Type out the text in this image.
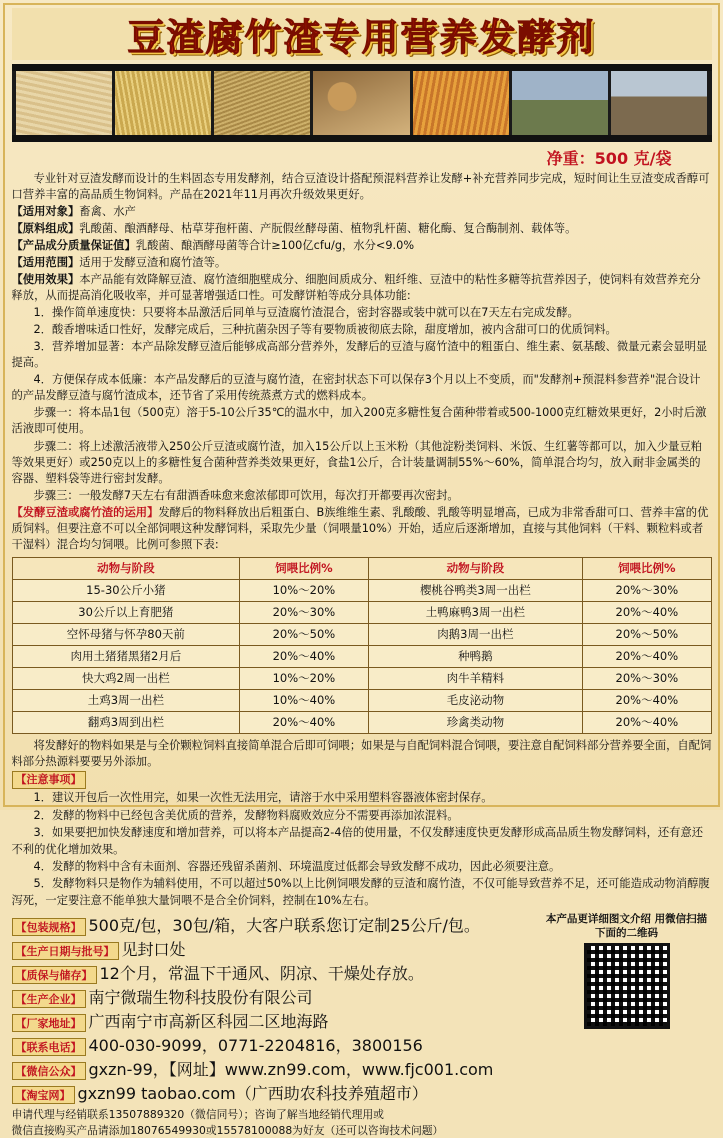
豆渣腐竹渣专用营养发酵剂
净重：500 克/袋
专业针对豆渣发酵而设计的生料固态专用发酵剂，结合豆渣设计搭配预混料营养让发酵+补充营养同步完成，短时间让生豆渣变成香醇可口营养丰富的高品质生物饲料。产品在2021年11月再次升级效果更好。
【适用对象】畜禽、水产
【原料组成】乳酸菌、酿酒酵母、枯草芽孢杆菌、产朊假丝酵母菌、植物乳杆菌、糖化酶、复合酶制剂、载体等。
【产品成分质量保证值】乳酸菌、酿酒酵母菌等合计≥100亿cfu/g，水分<9.0%
【适用范围】适用于发酵豆渣和腐竹渣等。
【使用效果】本产品能有效降解豆渣、腐竹渣细胞壁成分、细胞间质成分、粗纤维、豆渣中的粘性多糖等抗营养因子，使饲料有效营养充分释放，从而提高消化吸收率，并可显著增强适口性。可发酵饼粕等成分具体功能:
1．操作简单速度快：只要将本品激活后同单与豆渣腐竹渣混合，密封容器或装中就可以在7天左右完成发酵。
2．酸香增味适口性好，发酵完成后，三种抗菌杂因子等有要物质被彻底去除，甜度增加，被内含甜可口的优质饲料。
3．营养增加显著：本产品除发酵豆渣后能够成高部分营养外，发酵后的豆渣与腐竹渣中的粗蛋白、维生素、氨基酸、微量元素会显明显提高。
4．方便保存成本低廉：本产品发酵后的豆渣与腐竹渣，在密封状态下可以保存3个月以上不变质，而"发酵剂+预混料参营养"混合设计的产品发酵豆渣与腐竹渣成本，还节省了采用传统蒸煮方式的燃料成本。
步骤一：将本品1包（500克）溶于5-10公斤35℃的温水中，加入200克多糖性复合菌种带着或500-1000克红糖效果更好，2小时后激活液即可使用。
步骤二：将上述激活液带入250公斤豆渣或腐竹渣，加入15公斤以上玉米粉（其他淀粉类饲料、米饭、生红薯等都可以，加入少量豆粕等效果更好）或250克以上的多糖性复合菌种营养类效果更好，食盐1公斤，合计装量调制55%～60%，简单混合均匀，放入耐非金属类的容器、塑料袋等进行密封发酵。
步骤三：一般发酵7天左右有甜酒香味愈来愈浓郁即可饮用，每次打开都要再次密封。
【发酵豆渣或腐竹渣的运用】发酵后的物料释放出后粗蛋白、B族维维生素、乳酸酸、乳酸等明显增高，已成为非常香甜可口、营养丰富的优质饲料。但要注意不可以全部饲喂这种发酵饲料，采取先少量（饲喂量10%）开始，适应后逐渐增加，直接与其他饲料（干料、颗粒料或者干湿料）混合均匀饲喂。比例可参照下表:
动物与阶段	饲喂比例%	动物与阶段	饲喂比例%
15-30公斤小猪	10%～20%	樱桃谷鸭类3周一出栏	20%～30%
30公斤以上育肥猪	20%～30%	土鸭麻鸭3周一出栏	20%～40%
空怀母猪与怀孕80天前	20%～50%	肉鹅3周一出栏	20%～50%
肉用土猪猪黑猪2月后	20%～40%	种鸭鹅	20%～40%
快大鸡2周一出栏	10%～20%	肉牛羊精料	20%～30%
土鸡3周一出栏	10%～40%	毛皮泌动物	20%～40%
翻鸡3周到出栏	20%～40%	珍禽类动物	20%～40%
将发酵好的物料如果是与全价颗粒饲料直接简单混合后即可饲喂；如果是与自配饲料混合饲喂，要注意自配饲料部分营养要全面，自配饲料部分热源料要要另外添加。
【注意事项】
1．建议开包后一次性用完，如果一次性无法用完，请溶于水中采用塑料容器液体密封保存。
2．发酵的物料中已经包含美优质的营养，发酵物料腐败效应分不需要再添加浓混料。
3．如果要把加快发酵速度和增加营养，可以将本产品提高2-4倍的使用量，不仅发酵速度快更发酵形成高品质生物发酵饲料，还有意还不利的优化增加效果。
4．发酵的物料中含有未面剂、容器还残留杀菌剂、环境温度过低都会导致发酵不成功，因此必须要注意。
5．发酵物料只是物作为辅料使用，不可以超过50%以上比例饲喂发酵的豆渣和腐竹渣，不仅可能导致营养不足，还可能造成动物消醇腹泻死，一定要注意不能单独大量饲喂不是合全价饲料，控制在10%左右。
【包装规格】 500克/包，30包/箱，大客户联系您订定制25公斤/包。
【生产日期与批号】 见封口处
【质保与储存】 12个月，常温下干通风、阴凉、干燥处存放。
【生产企业】 南宁微瑞生物科技股份有限公司
【厂家地址】 广西南宁市高新区科园二区地海路
【联系电话】 400-030-9099，0771-2204816，3800156
【微信公众】 gxzn-99，【网址】www.zn99.com，www.fjc001.com
【淘宝网】 gxzn99 taobao.com（广西助农科技养殖超市）
本产品更详细图文介绍 用微信扫描下面的二维码
申请代理与经销联系13507889320（微信同号）；咨询了解当地经销代理用或
微信直接购买产品请添加18076549930或15578100088为好友（还可以咨询技术问题）
